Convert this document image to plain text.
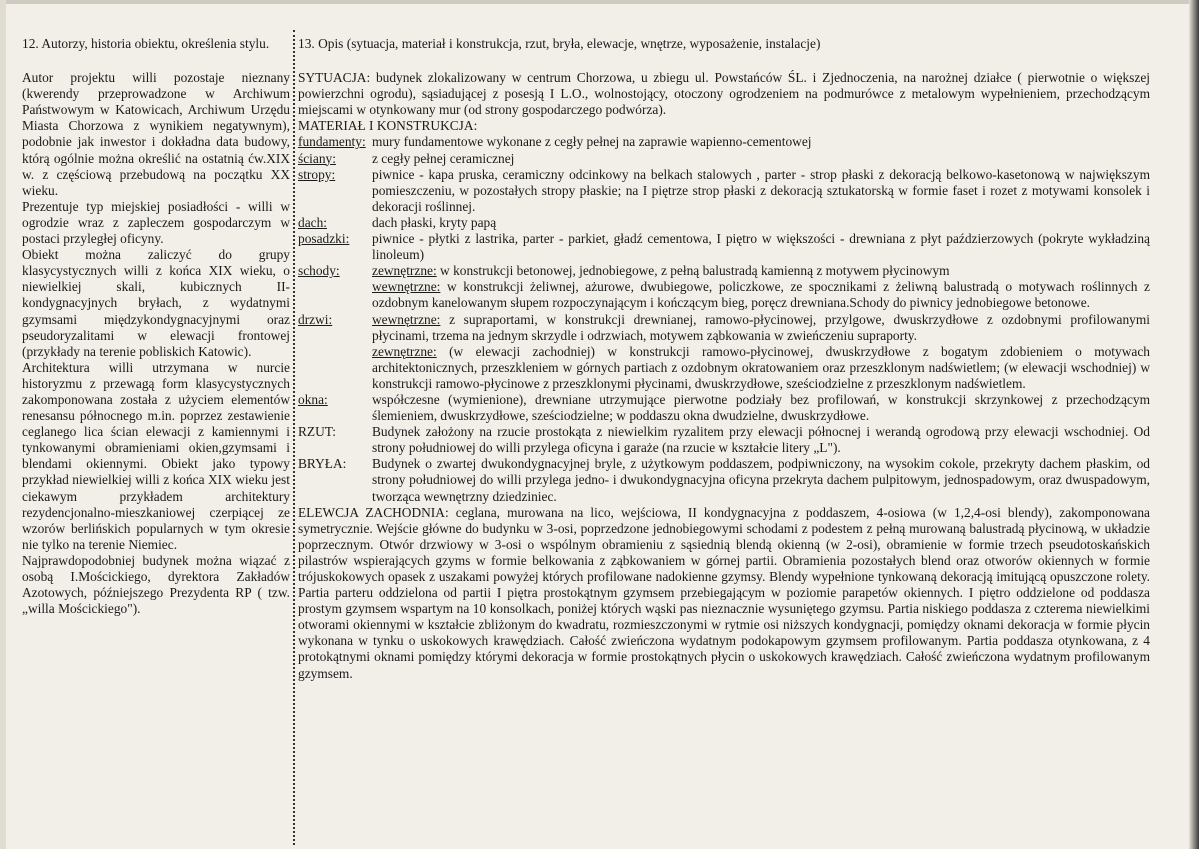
12. Autorzy, historia obiektu, określenia stylu.

Autor projektu willi pozostaje nieznany (kwerendy przeprowadzone w Archiwum Państwowym w Katowicach, Archiwum Urzędu Miasta Chorzowa z wynikiem negatywnym), podobnie jak inwestor i dokładna data budowy, którą ogólnie można określić na ostatnią ćw.XIX w. z częściową przebudową na początku XX wieku.

Prezentuje typ miejskiej posiadłości - willi w ogrodzie wraz z zapleczem gospodarczym w postaci przyległej oficyny.

Obiekt można zaliczyć do grupy klasycystycznych willi z końca XIX wieku, o niewielkiej skali, kubicznych II-kondygnacyjnych bryłach, z wydatnymi gzymsami międzykondygnacyjnymi oraz pseudoryzalitami w elewacji frontowej (przykłady na terenie pobliskich Katowic).

Architektura willi utrzymana w nurcie historyzmu z przewagą form klasycystycznych zakomponowana została z użyciem elementów renesansu północnego m.in. poprzez zestawienie ceglanego lica ścian elewacji z kamiennymi i tynkowanymi obramieniami okien,gzymsami i blendami okiennymi. Obiekt jako typowy przykład niewielkiej willi z końca XIX wieku jest ciekawym przykładem architektury rezydencjonalno-mieszkaniowej czerpiącej ze wzorów berlińskich popularnych w tym okresie nie tylko na terenie Niemiec.

Najprawdopodobniej budynek można wiązać z osobą I.Mościckiego, dyrektora Zakładów Azotowych, późniejszego Prezydenta RP ( tzw. „willa Mościckiego").

13. Opis (sytuacja, materiał i konstrukcja, rzut, bryła, elewacje, wnętrze, wyposażenie, instalacje)

SYTUACJA: budynek zlokalizowany w centrum Chorzowa, u zbiegu ul. Powstańców ŚL. i Zjednoczenia, na narożnej działce ( pierwotnie o większej powierzchni ogrodu), sąsiadującej z posesją I L.O., wolnostojący, otoczony ogrodzeniem na podmurówce z metalowym wypełnieniem, przechodzącym miejscami w otynkowany mur (od strony gospodarczego podwórza).

MATERIAŁ I KONSTRUKCJA:
fundamenty: mury fundamentowe wykonane z cegły pełnej na zaprawie wapienno-cementowej
ściany:	z cegły pełnej ceramicznej
stropy:	piwnice - kapa pruska, ceramiczny odcinkowy na belkach stalowych , parter - strop płaski z dekoracją belkowo-kasetonową w największym pomieszczeniu, w pozostałych stropy płaskie; na I piętrze strop płaski z dekoracją sztukatorską w formie faset i rozet z motywami konsolek i dekoracji roślinnej.
dach:	dach płaski, kryty papą
posadzki:	piwnice - płytki z lastrika, parter - parkiet, gładź cementowa, I piętro w większości - drewniana z płyt paździerzowych (pokryte wykładziną linoleum)
schody:	zewnętrzne: w konstrukcji betonowej, jednobiegowe, z pełną balustradą kamienną z motywem płycinowym
wewnętrzne: w konstrukcji żeliwnej, ażurowe, dwubiegowe, policzkowe, ze spocznikami z żeliwną balustradą o motywach roślinnych z ozdobnym kanelowanym słupem rozpoczynającym i kończącym bieg, poręcz drewniana.Schody do piwnicy jednobiegowe betonowe.
drzwi:	wewnętrzne: z supraportami, w konstrukcji drewnianej, ramowo-płycinowej, przylgowe, dwuskrzydłowe z ozdobnymi profilowanymi płycinami, trzema na jednym skrzydle i odrzwiach, motywem ząbkowania w zwieńczeniu supraporty.
zewnętrzne: (w elewacji zachodniej) w konstrukcji ramowo-płycinowej, dwuskrzydłowe z bogatym zdobieniem o motywach architektonicznych, przeszkleniem w górnych partiach z ozdobnym okratowaniem oraz przeszklonym nadświetlem; (w elewacji wschodniej) w konstrukcji ramowo-płycinowe z przeszklonymi płycinami, dwuskrzydłowe, sześciodzielne z przeszklonym nadświetlem.
okna:	współczesne (wymienione), drewniane utrzymujące pierwotne podziały bez profilowań, w konstrukcji skrzynkowej z przechodzącym ślemieniem, dwuskrzydłowe, sześciodzielne; w poddaszu okna dwudzielne, dwuskrzydłowe.
RZUT:	Budynek założony na rzucie prostokąta z niewielkim ryzalitem przy elewacji północnej i werandą ogrodową przy elewacji wschodniej. Od strony południowej do willi przylega oficyna i garaże (na rzucie w kształcie litery „L").
BRYŁA:	Budynek o zwartej dwukondygnacyjnej bryle, z użytkowym poddaszem, podpiwniczony, na wysokim cokole, przekryty dachem płaskim, od strony południowej do willi przylega jedno- i dwukondygnacyjna oficyna przekryta dachem pulpitowym, jednospadowym, oraz dwuspadowym, tworząca wewnętrzny dziedziniec.

ELEWCJA ZACHODNIA: ceglana, murowana na lico, wejściowa, II kondygnacyjna z poddaszem, 4-osiowa (w 1,2,4-osi blendy), zakomponowana symetrycznie. Wejście główne do budynku w 3-osi, poprzedzone jednobiegowymi schodami z podestem z pełną murowaną balustradą płycinową, w układzie poprzecznym. Otwór drzwiowy w 3-osi o wspólnym obramieniu z sąsiednią blendą okienną (w 2-osi), obramienie w formie trzech pseudotoskańskich pilastrów wspierających gzyms w formie belkowania z ząbkowaniem w górnej partii. Obramienia pozostałych blend oraz otworów okiennych w formie trójuskokowych opasek z uszakami powyżej których profilowane nadokienne gzymsy. Blendy wypełnione tynkowaną dekoracją imitującą opuszczone rolety. Partia parteru oddzielona od partii I piętra prostokątnym gzymsem przebiegającym w poziomie parapetów okiennych. I piętro oddzielone od poddasza prostym gzymsem wspartym na 10 konsolkach, poniżej których wąski pas nieznacznie wysuniętego gzymsu. Partia niskiego poddasza z czterema niewielkimi otworami okiennymi w kształcie zbliżonym do kwadratu, rozmieszczonymi w rytmie osi niższych kondygnacji, pomiędzy oknami dekoracja w formie płycin wykonana w tynku o uskokowych krawędziach. Całość zwieńczona wydatnym podokapowym gzymsem profilowanym. Partia poddasza otynkowana, z 4 protokątnymi oknami pomiędzy którymi dekoracja w formie prostokątnych płycin o uskokowych krawędziach. Całość zwieńczona wydatnym profilowanym gzymsem.
